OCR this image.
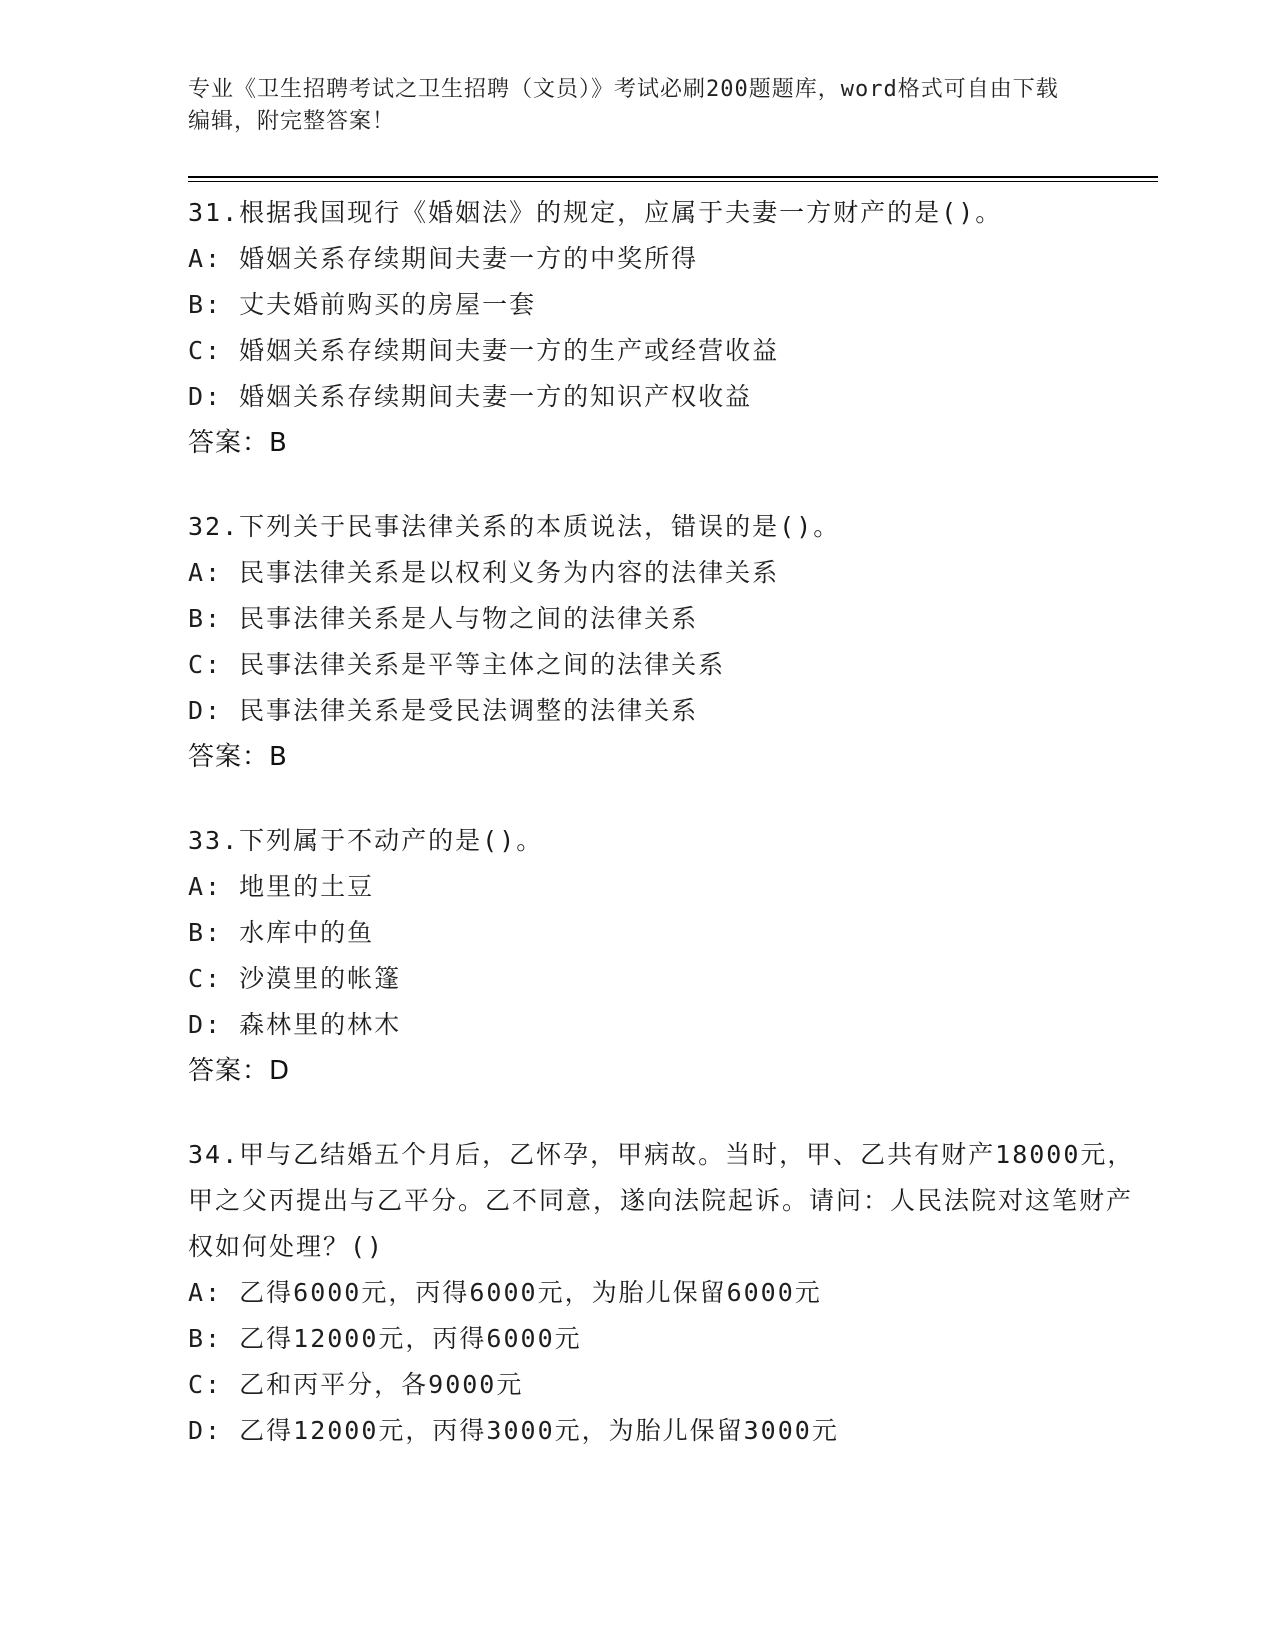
专业《卫生招聘考试之卫生招聘（文员）》考试必刷200题题库，word格式可自由下载编辑，附完整答案！
31.根据我国现行《婚姻法》的规定，应属于夫妻一方财产的是()。
A: 婚姻关系存续期间夫妻一方的中奖所得
B: 丈夫婚前购买的房屋一套
C: 婚姻关系存续期间夫妻一方的生产或经营收益
D: 婚姻关系存续期间夫妻一方的知识产权收益
答案：B
32.下列关于民事法律关系的本质说法，错误的是()。
A: 民事法律关系是以权利义务为内容的法律关系
B: 民事法律关系是人与物之间的法律关系
C: 民事法律关系是平等主体之间的法律关系
D: 民事法律关系是受民法调整的法律关系
答案：B
33.下列属于不动产的是()。
A: 地里的土豆
B: 水库中的鱼
C: 沙漠里的帐篷
D: 森林里的林木
答案：D
34.甲与乙结婚五个月后，乙怀孕，甲病故。当时，甲、乙共有财产18000元，甲之父丙提出与乙平分。乙不同意，遂向法院起诉。请问：人民法院对这笔财产权如何处理？()
A: 乙得6000元，丙得6000元，为胎儿保留6000元
B: 乙得12000元，丙得6000元
C: 乙和丙平分，各9000元
D: 乙得12000元，丙得3000元，为胎儿保留3000元
